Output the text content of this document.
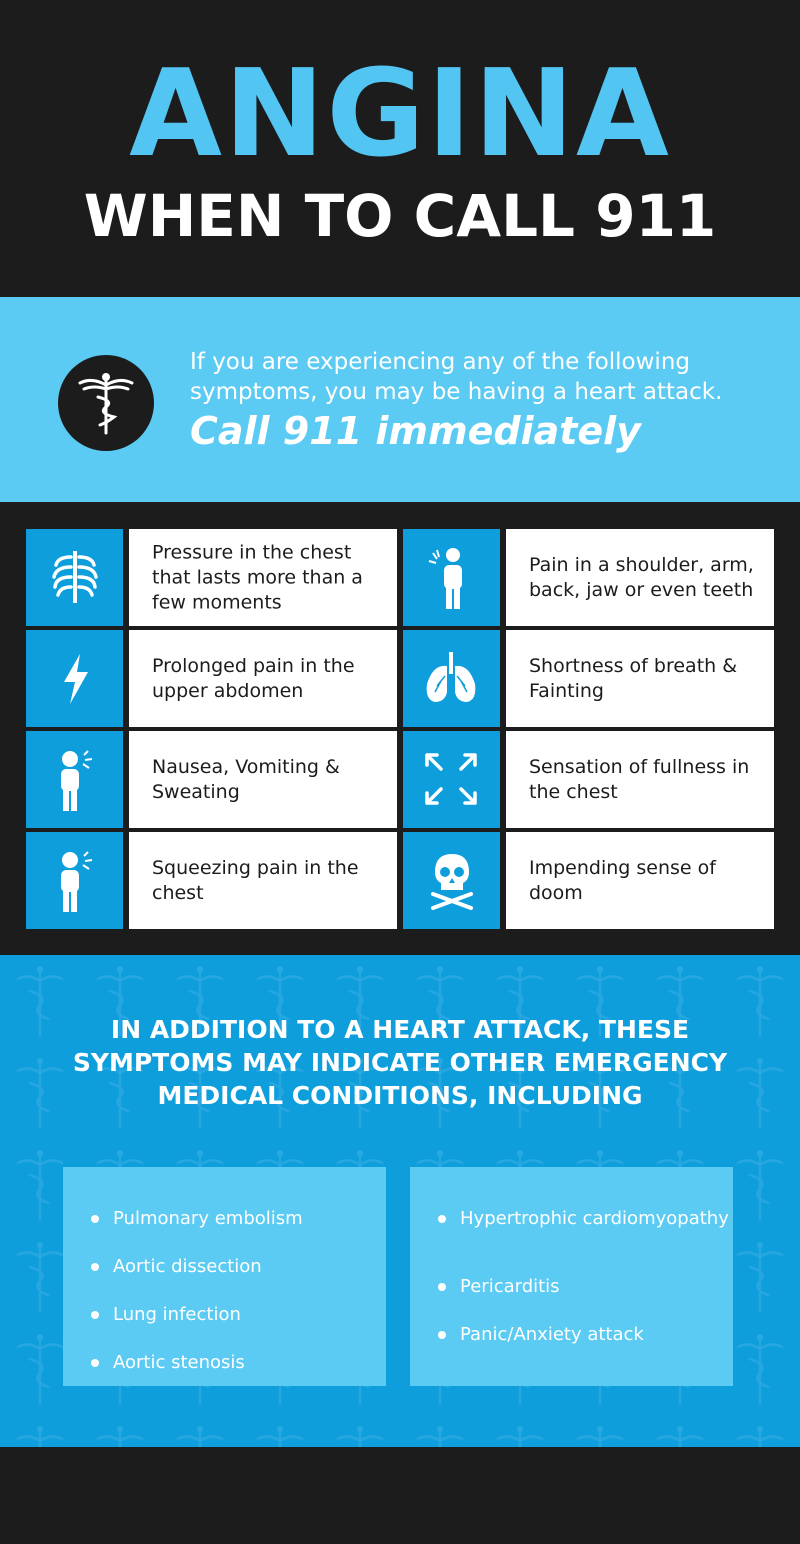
ANGINA
WHEN TO CALL 911
If you are experiencing any of the following symptoms, you may be having a heart attack.
Call 911 immediately
Pressure in the chest that lasts more than a few moments
Pain in a shoulder, arm, back, jaw or even teeth
Prolonged pain in the upper abdomen
Shortness of breath & Fainting
Nausea, Vomiting & Sweating
Sensation of fullness in the chest
Squeezing pain in the chest
Impending sense of doom
IN ADDITION TO A HEART ATTACK, THESE SYMPTOMS MAY INDICATE OTHER EMERGENCY MEDICAL CONDITIONS, INCLUDING
Pulmonary embolism
Aortic dissection
Lung infection
Aortic stenosis
Hypertrophic cardiomyopathy
Pericarditis
Panic/Anxiety attack
